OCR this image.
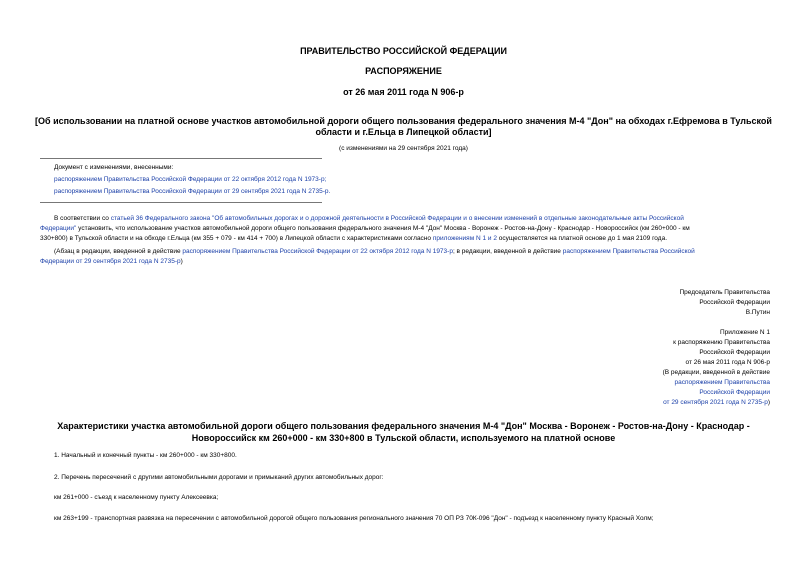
ПРАВИТЕЛЬСТВО РОССИЙСКОЙ ФЕДЕРАЦИИ
РАСПОРЯЖЕНИЕ
от 26 мая 2011 года N 906-р
[Об использовании на платной основе участков автомобильной дороги общего пользования федерального значения М-4 "Дон" на обходах г.Ефремова в Тульской
области и г.Ельца в Липецкой области]
(с изменениями на 29 сентября 2021 года)
Документ с изменениями, внесенными:
распоряжением Правительства Российской Федерации от 22 октября 2012 года N 1973-р;
распоряжением Правительства Российской Федерации от 29 сентября 2021 года N 2735-р.
В соответствии со статьей 36 Федерального закона "Об автомобильных дорогах и о дорожной деятельности в Российской Федерации и о внесении изменений в отдельные законодательные акты Российской
Федерации" установить, что использование участков автомобильной дороги общего пользования федерального значения М-4 "Дон" Москва - Воронеж - Ростов-на-Дону - Краснодар - Новороссийск (км 260+000 - км
330+800) в Тульской области и на обходе г.Ельца (км 355 + 079 - км 414 + 700) в Липецкой области с характеристиками согласно приложениям N 1 и 2 осуществляется на платной основе до 1 мая 2109 года.
(Абзац в редакции, введенной в действие распоряжением Правительства Российской Федерации от 22 октября 2012 года N 1973-р; в редакции, введенной в действие распоряжением Правительства Российской
Федерации от 29 сентября 2021 года N 2735-р)
Председатель Правительства
Российской Федерации
В.Путин
Приложение N 1
к распоряжению Правительства
Российской Федерации
от 26 мая 2011 года N 906-р
(В редакции, введенной в действие
распоряжением Правительства
Российской Федерации
от 29 сентября 2021 года N 2735-р)
Характеристики участка автомобильной дороги общего пользования федерального значения М-4 "Дон" Москва - Воронеж - Ростов-на-Дону - Краснодар -
Новороссийск км 260+000 - км 330+800 в Тульской области, используемого на платной основе
1. Начальный и конечный пункты - км 260+000 - км 330+800.
2. Перечень пересечений с другими автомобильными дорогами и примыканий других автомобильных дорог:
км 261+000 - съезд к населенному пункту Алексеевка;
км 263+199 - транспортная развязка на пересечении с автомобильной дорогой общего пользования регионального значения 70 ОП РЗ 70К-096 "Дон" - подъезд к населенному пункту Красный Холм;
